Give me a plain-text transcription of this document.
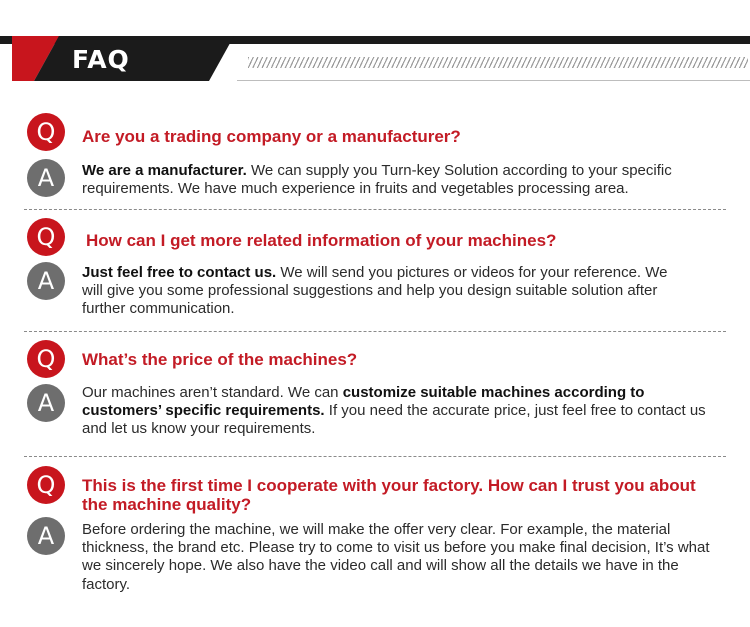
FAQ
Q	Are you a trading company or a manufacturer?

A	We are a manufacturer. We can supply you Turn-key Solution according to your specific requirements. We have much experience in fruits and vegetables processing area.

Q	How can I get more related information of your machines?

A	Just feel free to contact us. We will send you pictures or videos for your reference. We will give you some professional suggestions and help you design suitable solution after further communication.

Q	What’s the price of the machines?

A	Our machines aren’t standard. We can customize suitable machines according to customers’ specific requirements. If you need the accurate price, just feel free to contact us and let us know your requirements.

Q	This is the first time I cooperate with your factory. How can I trust you about the machine quality?

A	Before ordering the machine, we will make the offer very clear. For example, the material thickness, the brand etc. Please try to come to visit us before you make final decision, It’s what we sincerely hope. We also have the video call and will show all the details we have in the factory.
